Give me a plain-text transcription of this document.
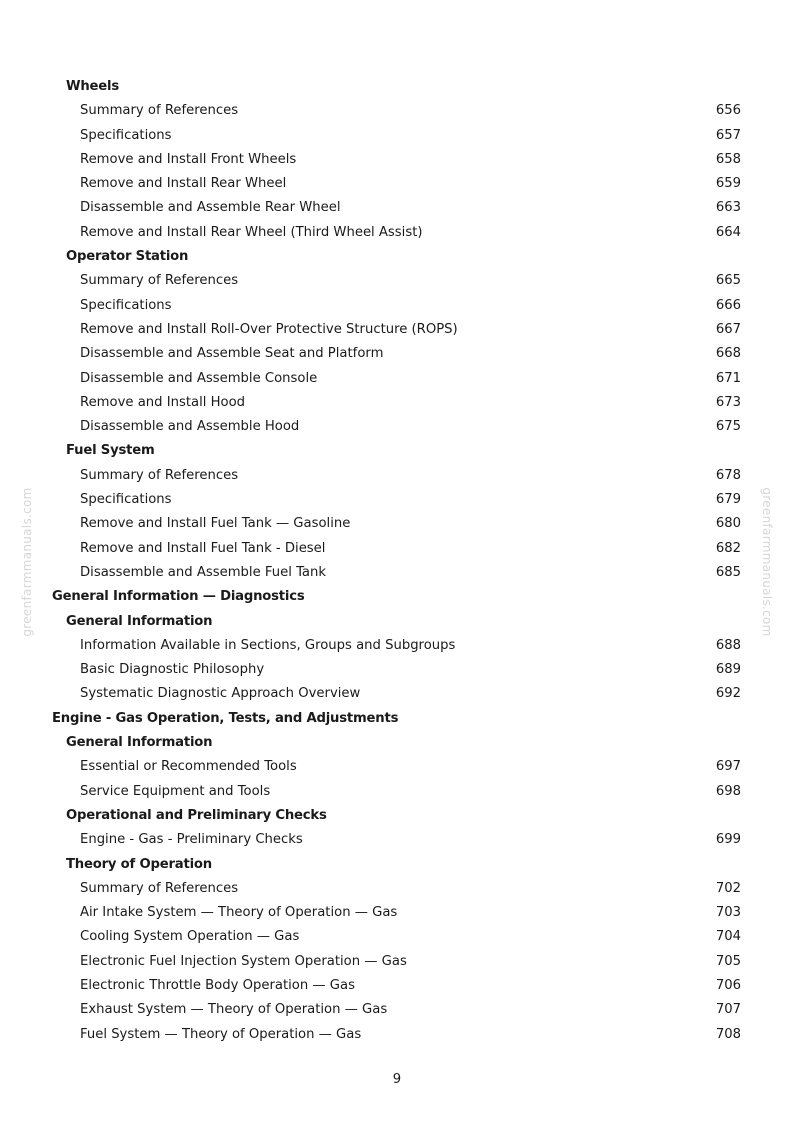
greenfarmmanuals.com	greenfarmmanuals.com
Wheels
Summary of References	656
Specifications	657
Remove and Install Front Wheels	658
Remove and Install Rear Wheel	659
Disassemble and Assemble Rear Wheel	663
Remove and Install Rear Wheel (Third Wheel Assist)	664
Operator Station
Summary of References	665
Specifications	666
Remove and Install Roll-Over Protective Structure (ROPS)	667
Disassemble and Assemble Seat and Platform	668
Disassemble and Assemble Console	671
Remove and Install Hood	673
Disassemble and Assemble Hood	675
Fuel System
Summary of References	678
Specifications	679
Remove and Install Fuel Tank — Gasoline	680
Remove and Install Fuel Tank - Diesel	682
Disassemble and Assemble Fuel Tank	685
General Information — Diagnostics
General Information
Information Available in Sections, Groups and Subgroups	688
Basic Diagnostic Philosophy	689
Systematic Diagnostic Approach Overview	692
Engine - Gas Operation, Tests, and Adjustments
General Information
Essential or Recommended Tools	697
Service Equipment and Tools	698
Operational and Preliminary Checks
Engine - Gas - Preliminary Checks	699
Theory of Operation
Summary of References	702
Air Intake System — Theory of Operation — Gas	703
Cooling System Operation — Gas	704
Electronic Fuel Injection System Operation — Gas	705
Electronic Throttle Body Operation — Gas	706
Exhaust System — Theory of Operation — Gas	707
Fuel System — Theory of Operation — Gas	708
9
